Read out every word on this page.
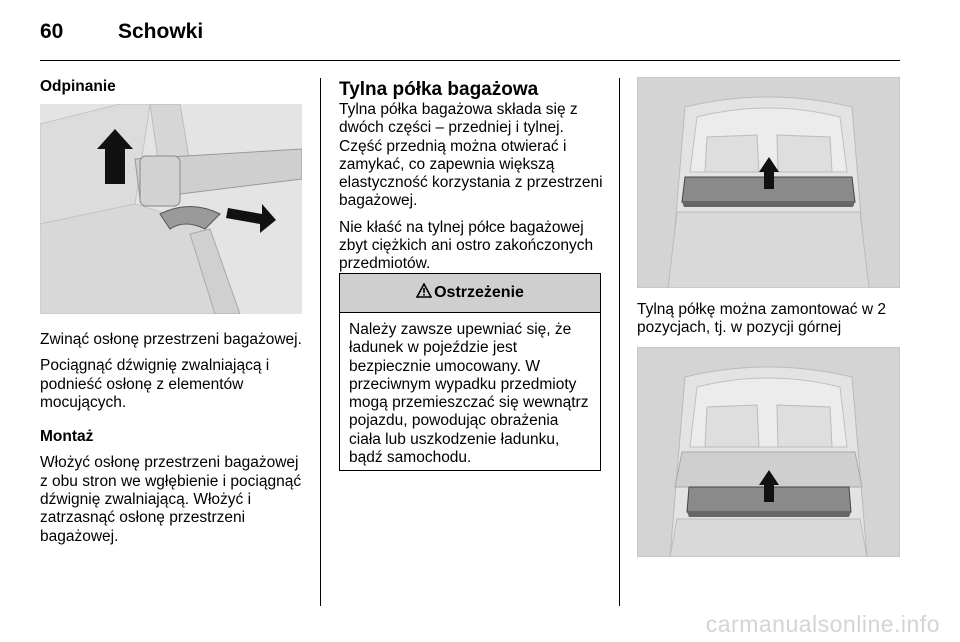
60	Schowki

Odpinanie

Zwinąć osłonę przestrzeni bagażowej.

Pociągnąć dźwignię zwalniającą i podnieść osłonę z elementów mocujących.

Montaż

Włożyć osłonę przestrzeni bagażowej z obu stron we wgłębienie i pociągnąć dźwignię zwalniającą. Włożyć i zatrzasnąć osłonę przestrzeni bagażowej.

Tylna półka bagażowa

Tylna półka bagażowa składa się z dwóch części – przedniej i tylnej. Część przednią można otwierać i zamykać, co zapewnia większą elastyczność korzystania z przestrzeni bagażowej.

Nie kłaść na tylnej półce bagażowej zbyt ciężkich ani ostro zakończonych przedmiotów.

Ostrzeżenie
Należy zawsze upewniać się, że ładunek w pojeździe jest bezpiecznie umocowany. W przeciwnym wypadku przedmioty mogą przemieszczać się wewnątrz pojazdu, powodując obrażenia ciała lub uszkodzenie ładunku, bądź samochodu.

Tylną półkę można zamontować w 2 pozycjach, tj. w pozycji górnej

carmanualsonline.info
